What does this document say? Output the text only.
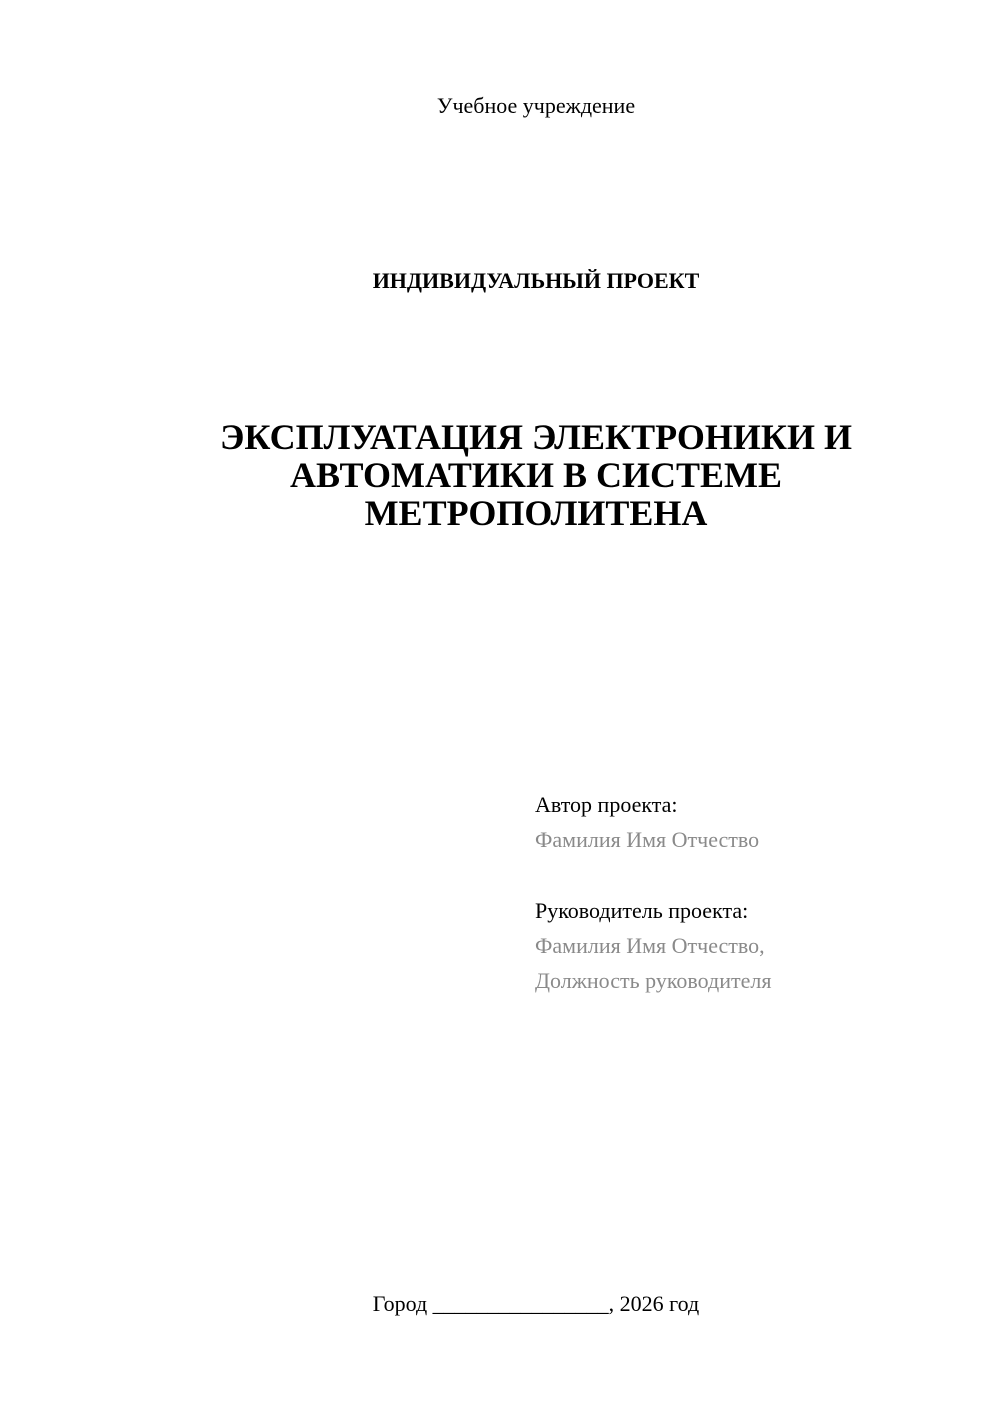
Учебное учреждение
ИНДИВИДУАЛЬНЫЙ ПРОЕКТ
ЭКСПЛУАТАЦИЯ ЭЛЕКТРОНИКИ И
АВТОМАТИКИ В СИСТЕМЕ
МЕТРОПОЛИТЕНА
Автор проекта:
Фамилия Имя Отчество
Руководитель проекта:
Фамилия Имя Отчество,
Должность руководителя
Город ________________, 2026 год
